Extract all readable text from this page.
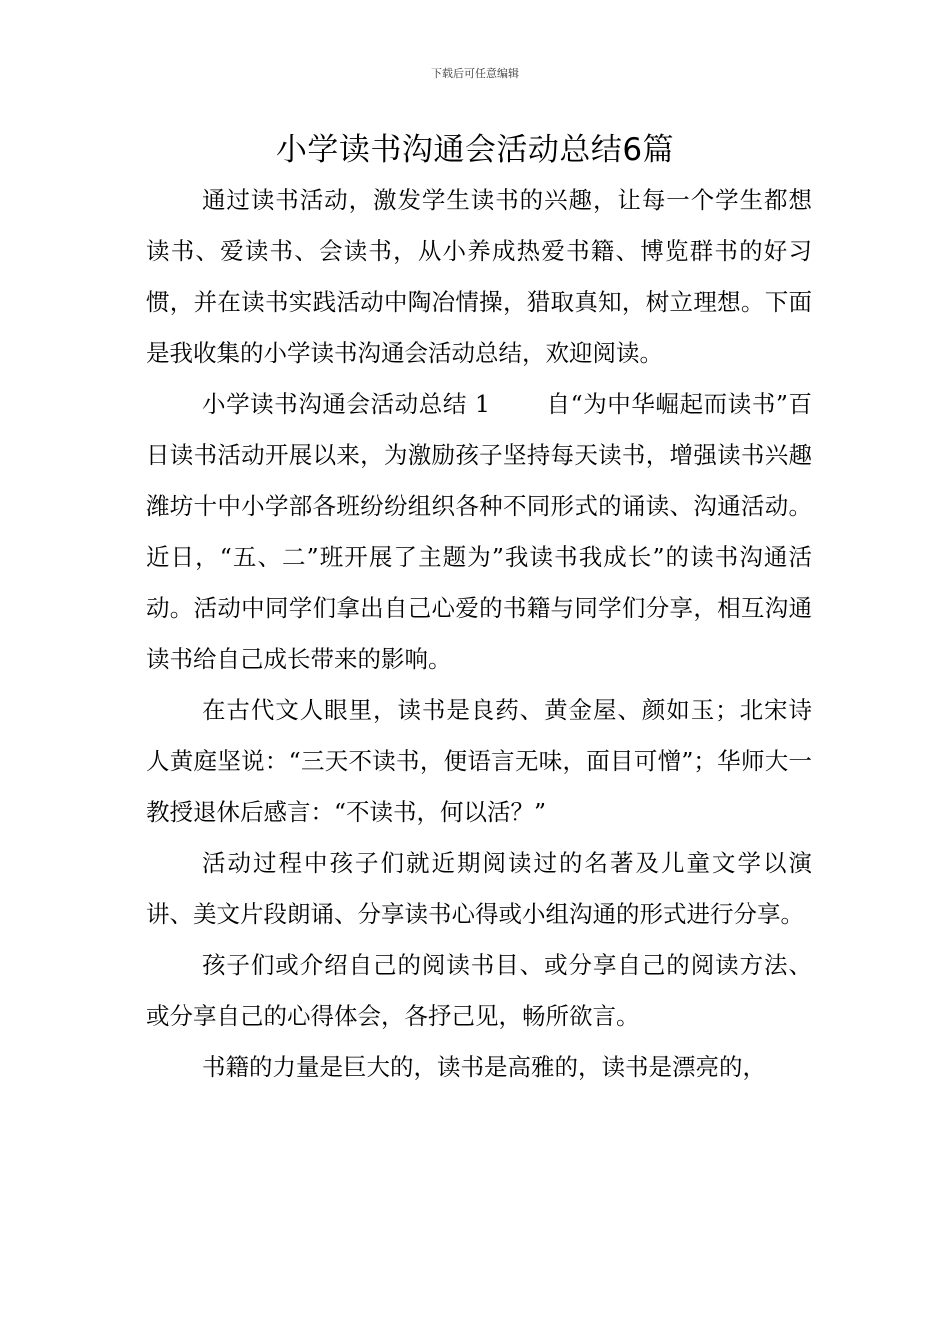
下载后可任意编辑
小学读书沟通会活动总结6篇

通过读书活动，激发学生读书的兴趣，让每一个学生都想读书、爱读书、会读书，从小养成热爱书籍、博览群书的好习惯，并在读书实践活动中陶冶情操，猎取真知，树立理想。下面是我收集的小学读书沟通会活动总结，欢迎阅读。

小学读书沟通会活动总结 1 自“为中华崛起而读书”百日读书活动开展以来，为激励孩子坚持每天读书，增强读书兴趣潍坊十中小学部各班纷纷组织各种不同形式的诵读、沟通活动。近日，“五、二”班开展了主题为”我读书我成长”的读书沟通活动。活动中同学们拿出自己心爱的书籍与同学们分享，相互沟通读书给自己成长带来的影响。

在古代文人眼里，读书是良药、黄金屋、颜如玉；北宋诗人黄庭坚说：“三天不读书，便语言无味，面目可憎”；华师大一教授退休后感言：“不读书，何以活？”

活动过程中孩子们就近期阅读过的名著及儿童文学以演讲、美文片段朗诵、分享读书心得或小组沟通的形式进行分享。

孩子们或介绍自己的阅读书目、或分享自己的阅读方法、或分享自己的心得体会，各抒己见，畅所欲言。

书籍的力量是巨大的，读书是高雅的，读书是漂亮的，
